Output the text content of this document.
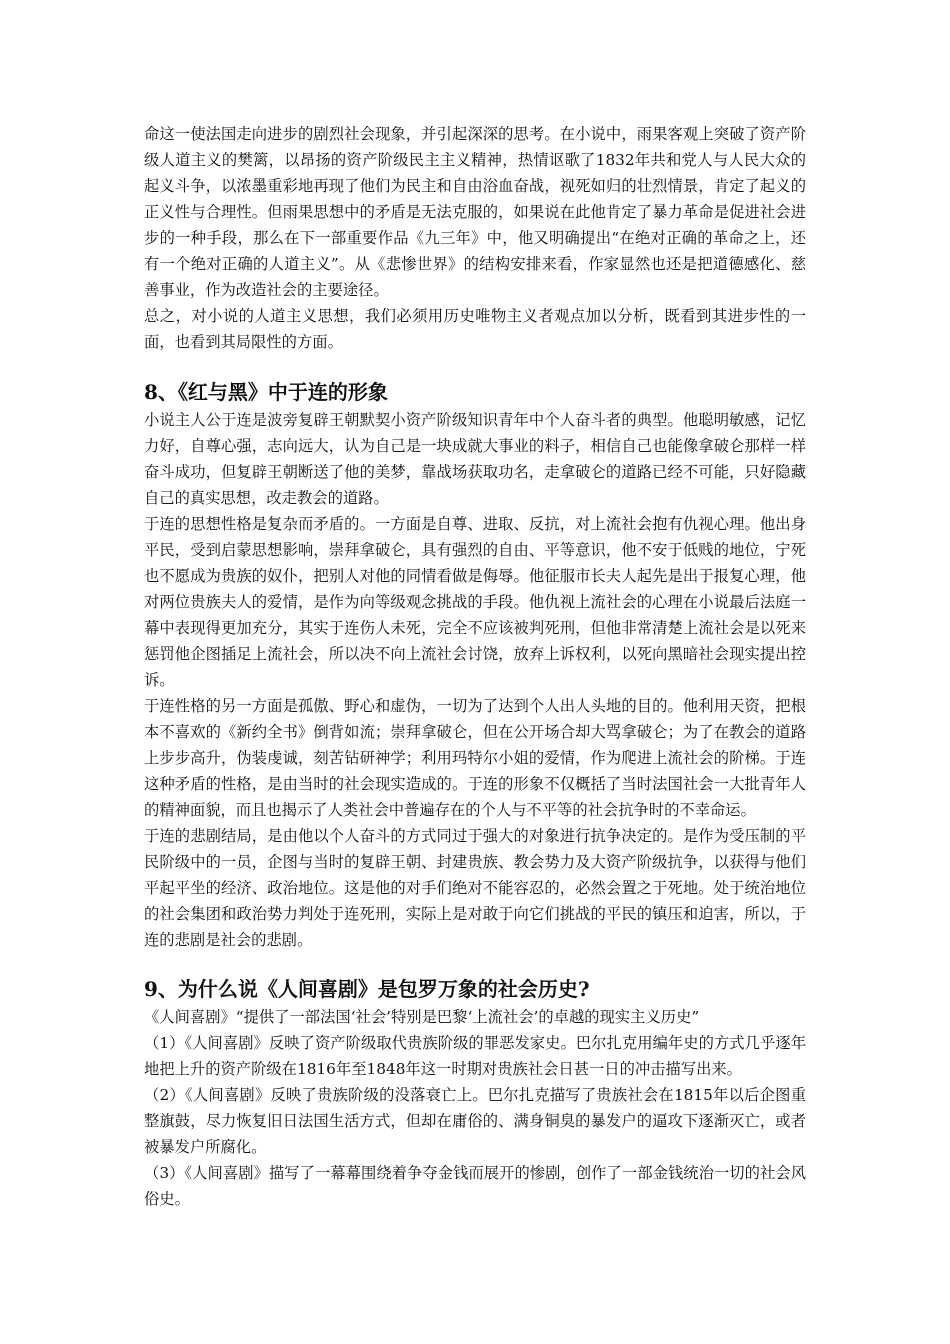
命这一使法国走向进步的剧烈社会现象，并引起深深的思考。在小说中，雨果客观上突破了资产阶级人道主义的樊篱，以昂扬的资产阶级民主主义精神，热情讴歌了1832年共和党人与人民大众的起义斗争，以浓墨重彩地再现了他们为民主和自由浴血奋战，视死如归的壮烈情景，肯定了起义的正义性与合理性。但雨果思想中的矛盾是无法克服的，如果说在此他肯定了暴力革命是促进社会进步的一种手段，那么在下一部重要作品《九三年》中，他又明确提出“在绝对正确的革命之上，还有一个绝对正确的人道主义”。从《悲惨世界》的结构安排来看，作家显然也还是把道德感化、慈善事业，作为改造社会的主要途径。

总之，对小说的人道主义思想，我们必须用历史唯物主义者观点加以分析，既看到其进步性的一面，也看到其局限性的方面。

8、《红与黑》中于连的形象

小说主人公于连是波旁复辟王朝默契小资产阶级知识青年中个人奋斗者的典型。他聪明敏感，记忆力好，自尊心强，志向远大，认为自己是一块成就大事业的料子，相信自己也能像拿破仑那样一样奋斗成功，但复辟王朝断送了他的美梦，靠战场获取功名，走拿破仑的道路已经不可能，只好隐藏自己的真实思想，改走教会的道路。

于连的思想性格是复杂而矛盾的。一方面是自尊、进取、反抗，对上流社会抱有仇视心理。他出身平民，受到启蒙思想影响，崇拜拿破仑，具有强烈的自由、平等意识，他不安于低贱的地位，宁死也不愿成为贵族的奴仆，把别人对他的同情看做是侮辱。他征服市长夫人起先是出于报复心理，他对两位贵族夫人的爱情，是作为向等级观念挑战的手段。他仇视上流社会的心理在小说最后法庭一幕中表现得更加充分，其实于连伤人未死，完全不应该被判死刑，但他非常清楚上流社会是以死来惩罚他企图插足上流社会，所以决不向上流社会讨饶，放弃上诉权利，以死向黑暗社会现实提出控诉。

于连性格的另一方面是孤傲、野心和虚伪，一切为了达到个人出人头地的目的。他利用天资，把根本不喜欢的《新约全书》倒背如流；崇拜拿破仑，但在公开场合却大骂拿破仑；为了在教会的道路上步步高升，伪装虔诚，刻苦钻研神学；利用玛特尔小姐的爱情，作为爬进上流社会的阶梯。于连这种矛盾的性格，是由当时的社会现实造成的。于连的形象不仅概括了当时法国社会一大批青年人的精神面貌，而且也揭示了人类社会中普遍存在的个人与不平等的社会抗争时的不幸命运。

于连的悲剧结局，是由他以个人奋斗的方式同过于强大的对象进行抗争决定的。是作为受压制的平民阶级中的一员，企图与当时的复辟王朝、封建贵族、教会势力及大资产阶级抗争，以获得与他们平起平坐的经济、政治地位。这是他的对手们绝对不能容忍的，必然会置之于死地。处于统治地位的社会集团和政治势力判处于连死刑，实际上是对敢于向它们挑战的平民的镇压和迫害，所以，于连的悲剧是社会的悲剧。

9、为什么说《人间喜剧》是包罗万象的社会历史?

《人间喜剧》“提供了一部法国‘社会’特别是巴黎‘上流社会’的卓越的现实主义历史”

（1）《人间喜剧》反映了资产阶级取代贵族阶级的罪恶发家史。巴尔扎克用编年史的方式几乎逐年地把上升的资产阶级在1816年至1848年这一时期对贵族社会日甚一日的冲击描写出来。

（2）《人间喜剧》反映了贵族阶级的没落衰亡上。巴尔扎克描写了贵族社会在1815年以后企图重整旗鼓，尽力恢复旧日法国生活方式，但却在庸俗的、满身铜臭的暴发户的逼攻下逐渐灭亡，或者被暴发户所腐化。

（3）《人间喜剧》描写了一幕幕围绕着争夺金钱而展开的惨剧，创作了一部金钱统治一切的社会风俗史。
